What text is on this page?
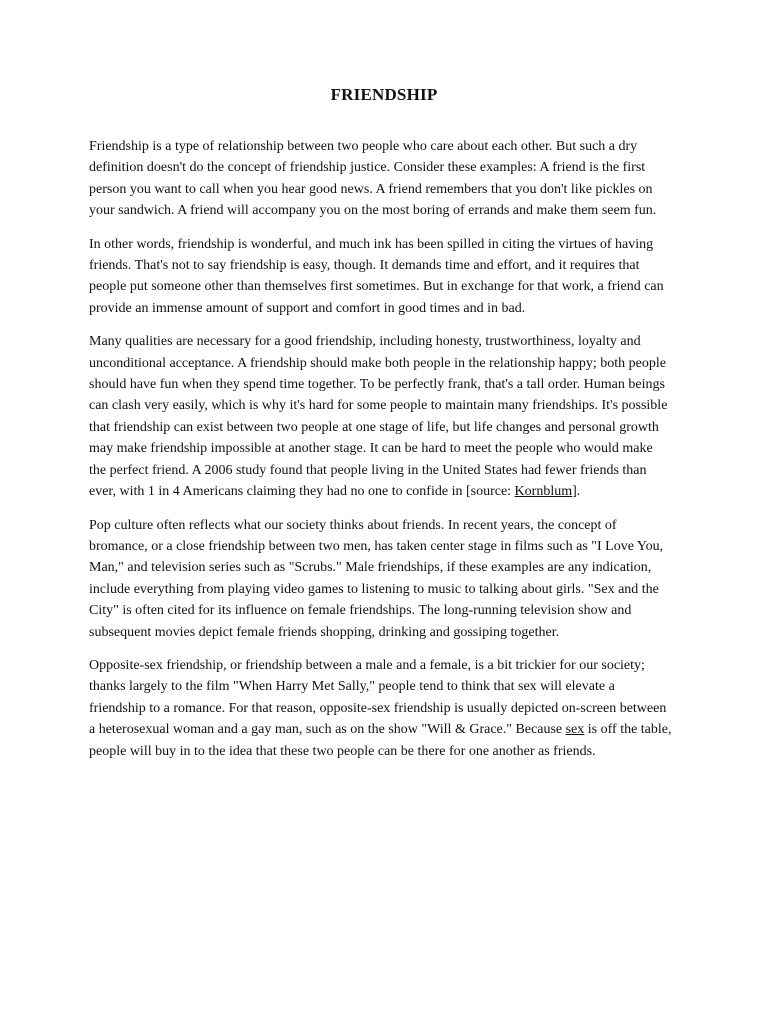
FRIENDSHIP

Friendship is a type of relationship between two people who care about each other. But such a dry definition doesn't do the concept of friendship justice. Consider these examples: A friend is the first person you want to call when you hear good news. A friend remembers that you don't like pickles on your sandwich. A friend will accompany you on the most boring of errands and make them seem fun.

In other words, friendship is wonderful, and much ink has been spilled in citing the virtues of having friends. That's not to say friendship is easy, though. It demands time and effort, and it requires that people put someone other than themselves first sometimes. But in exchange for that work, a friend can provide an immense amount of support and comfort in good times and in bad.

Many qualities are necessary for a good friendship, including honesty, trustworthiness, loyalty and unconditional acceptance. A friendship should make both people in the relationship happy; both people should have fun when they spend time together. To be perfectly frank, that's a tall order. Human beings can clash very easily, which is why it's hard for some people to maintain many friendships. It's possible that friendship can exist between two people at one stage of life, but life changes and personal growth may make friendship impossible at another stage. It can be hard to meet the people who would make the perfect friend. A 2006 study found that people living in the United States had fewer friends than ever, with 1 in 4 Americans claiming they had no one to confide in [source: Kornblum].

Pop culture often reflects what our society thinks about friends. In recent years, the concept of bromance, or a close friendship between two men, has taken center stage in films such as "I Love You, Man," and television series such as "Scrubs." Male friendships, if these examples are any indication, include everything from playing video games to listening to music to talking about girls. "Sex and the City" is often cited for its influence on female friendships. The long-running television show and subsequent movies depict female friends shopping, drinking and gossiping together.

Opposite-sex friendship, or friendship between a male and a female, is a bit trickier for our society; thanks largely to the film "When Harry Met Sally," people tend to think that sex will elevate a friendship to a romance. For that reason, opposite-sex friendship is usually depicted on-screen between a heterosexual woman and a gay man, such as on the show "Will & Grace." Because sex is off the table, people will buy in to the idea that these two people can be there for one another as friends.
